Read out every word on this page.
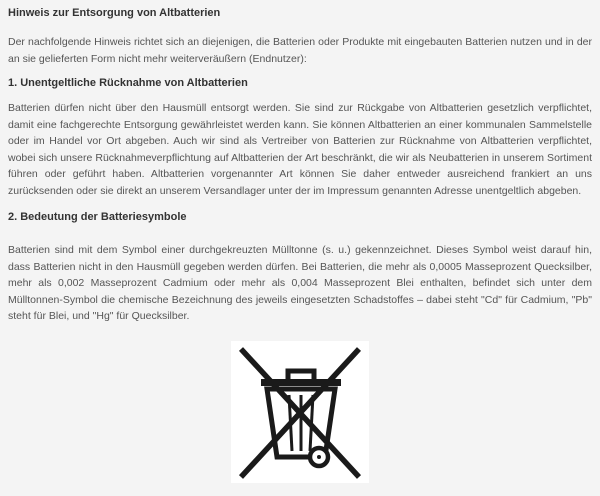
Hinweis zur Entsorgung von Altbatterien

Der nachfolgende Hinweis richtet sich an diejenigen, die Batterien oder Produkte mit eingebauten Batterien nutzen und in der an sie gelieferten Form nicht mehr weiterveräußern (Endnutzer):

1. Unentgeltliche Rücknahme von Altbatterien

Batterien dürfen nicht über den Hausmüll entsorgt werden. Sie sind zur Rückgabe von Altbatterien gesetzlich verpflichtet, damit eine fachgerechte Entsorgung gewährleistet werden kann. Sie können Altbatterien an einer kommunalen Sammelstelle oder im Handel vor Ort abgeben. Auch wir sind als Vertreiber von Batterien zur Rücknahme von Altbatterien verpflichtet, wobei sich unsere Rücknahmeverpflichtung auf Altbatterien der Art beschränkt, die wir als Neubatterien in unserem Sortiment führen oder geführt haben. Altbatterien vorgenannter Art können Sie daher entweder ausreichend frankiert an uns zurücksenden oder sie direkt an unserem Versandlager unter der im Impressum genannten Adresse unentgeltlich abgeben.

2. Bedeutung der Batteriesymbole

Batterien sind mit dem Symbol einer durchgekreuzten Mülltonne (s. u.) gekennzeichnet. Dieses Symbol weist darauf hin, dass Batterien nicht in den Hausmüll gegeben werden dürfen. Bei Batterien, die mehr als 0,0005 Masseprozent Quecksilber, mehr als 0,002 Masseprozent Cadmium oder mehr als 0,004 Masseprozent Blei enthalten, befindet sich unter dem Mülltonnen-Symbol die chemische Bezeichnung des jeweils eingesetzten Schadstoffes – dabei steht "Cd" für Cadmium, "Pb" steht für Blei, und "Hg" für Quecksilber.
